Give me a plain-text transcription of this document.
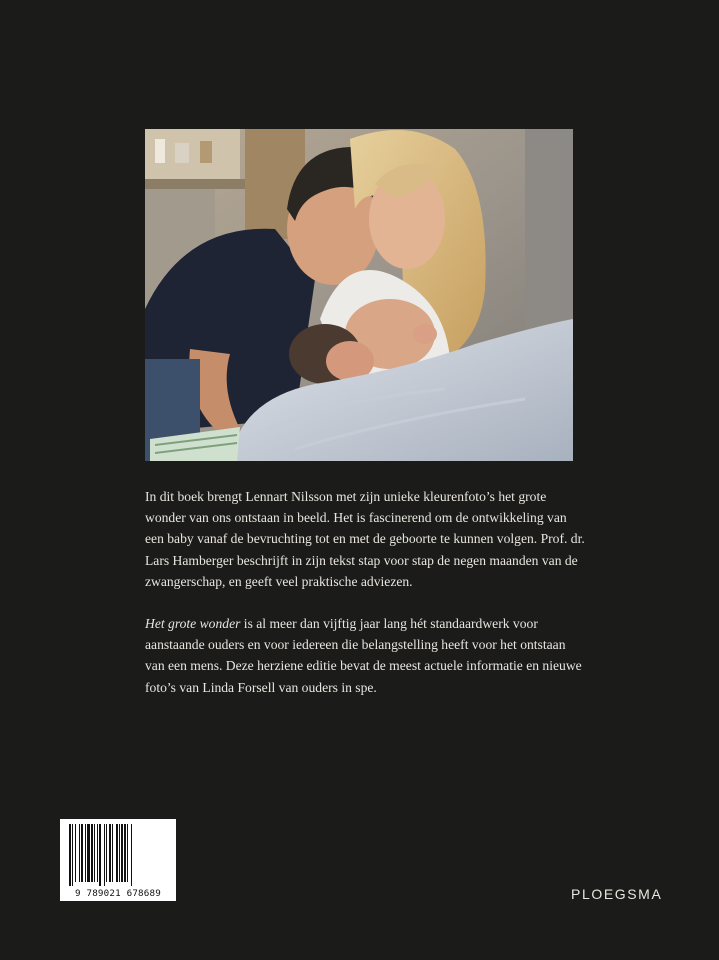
In dit boek brengt Lennart Nilsson met zijn unieke kleurenfoto’s het grote wonder van ons ontstaan in beeld. Het is fascinerend om de ontwikkeling van een baby vanaf de bevruchting tot en met de geboorte te kunnen volgen. Prof. dr. Lars Hamberger beschrijft in zijn tekst stap voor stap de negen maanden van de zwangerschap, en geeft veel praktische adviezen.

Het grote wonder is al meer dan vijftig jaar lang hét standaardwerk voor aanstaande ouders en voor iedereen die belangstelling heeft voor het ontstaan van een mens. Deze herziene editie bevat de meest actuele informatie en nieuwe foto’s van Linda Forsell van ouders in spe.

9 789021 678689	PLOEGSMA
